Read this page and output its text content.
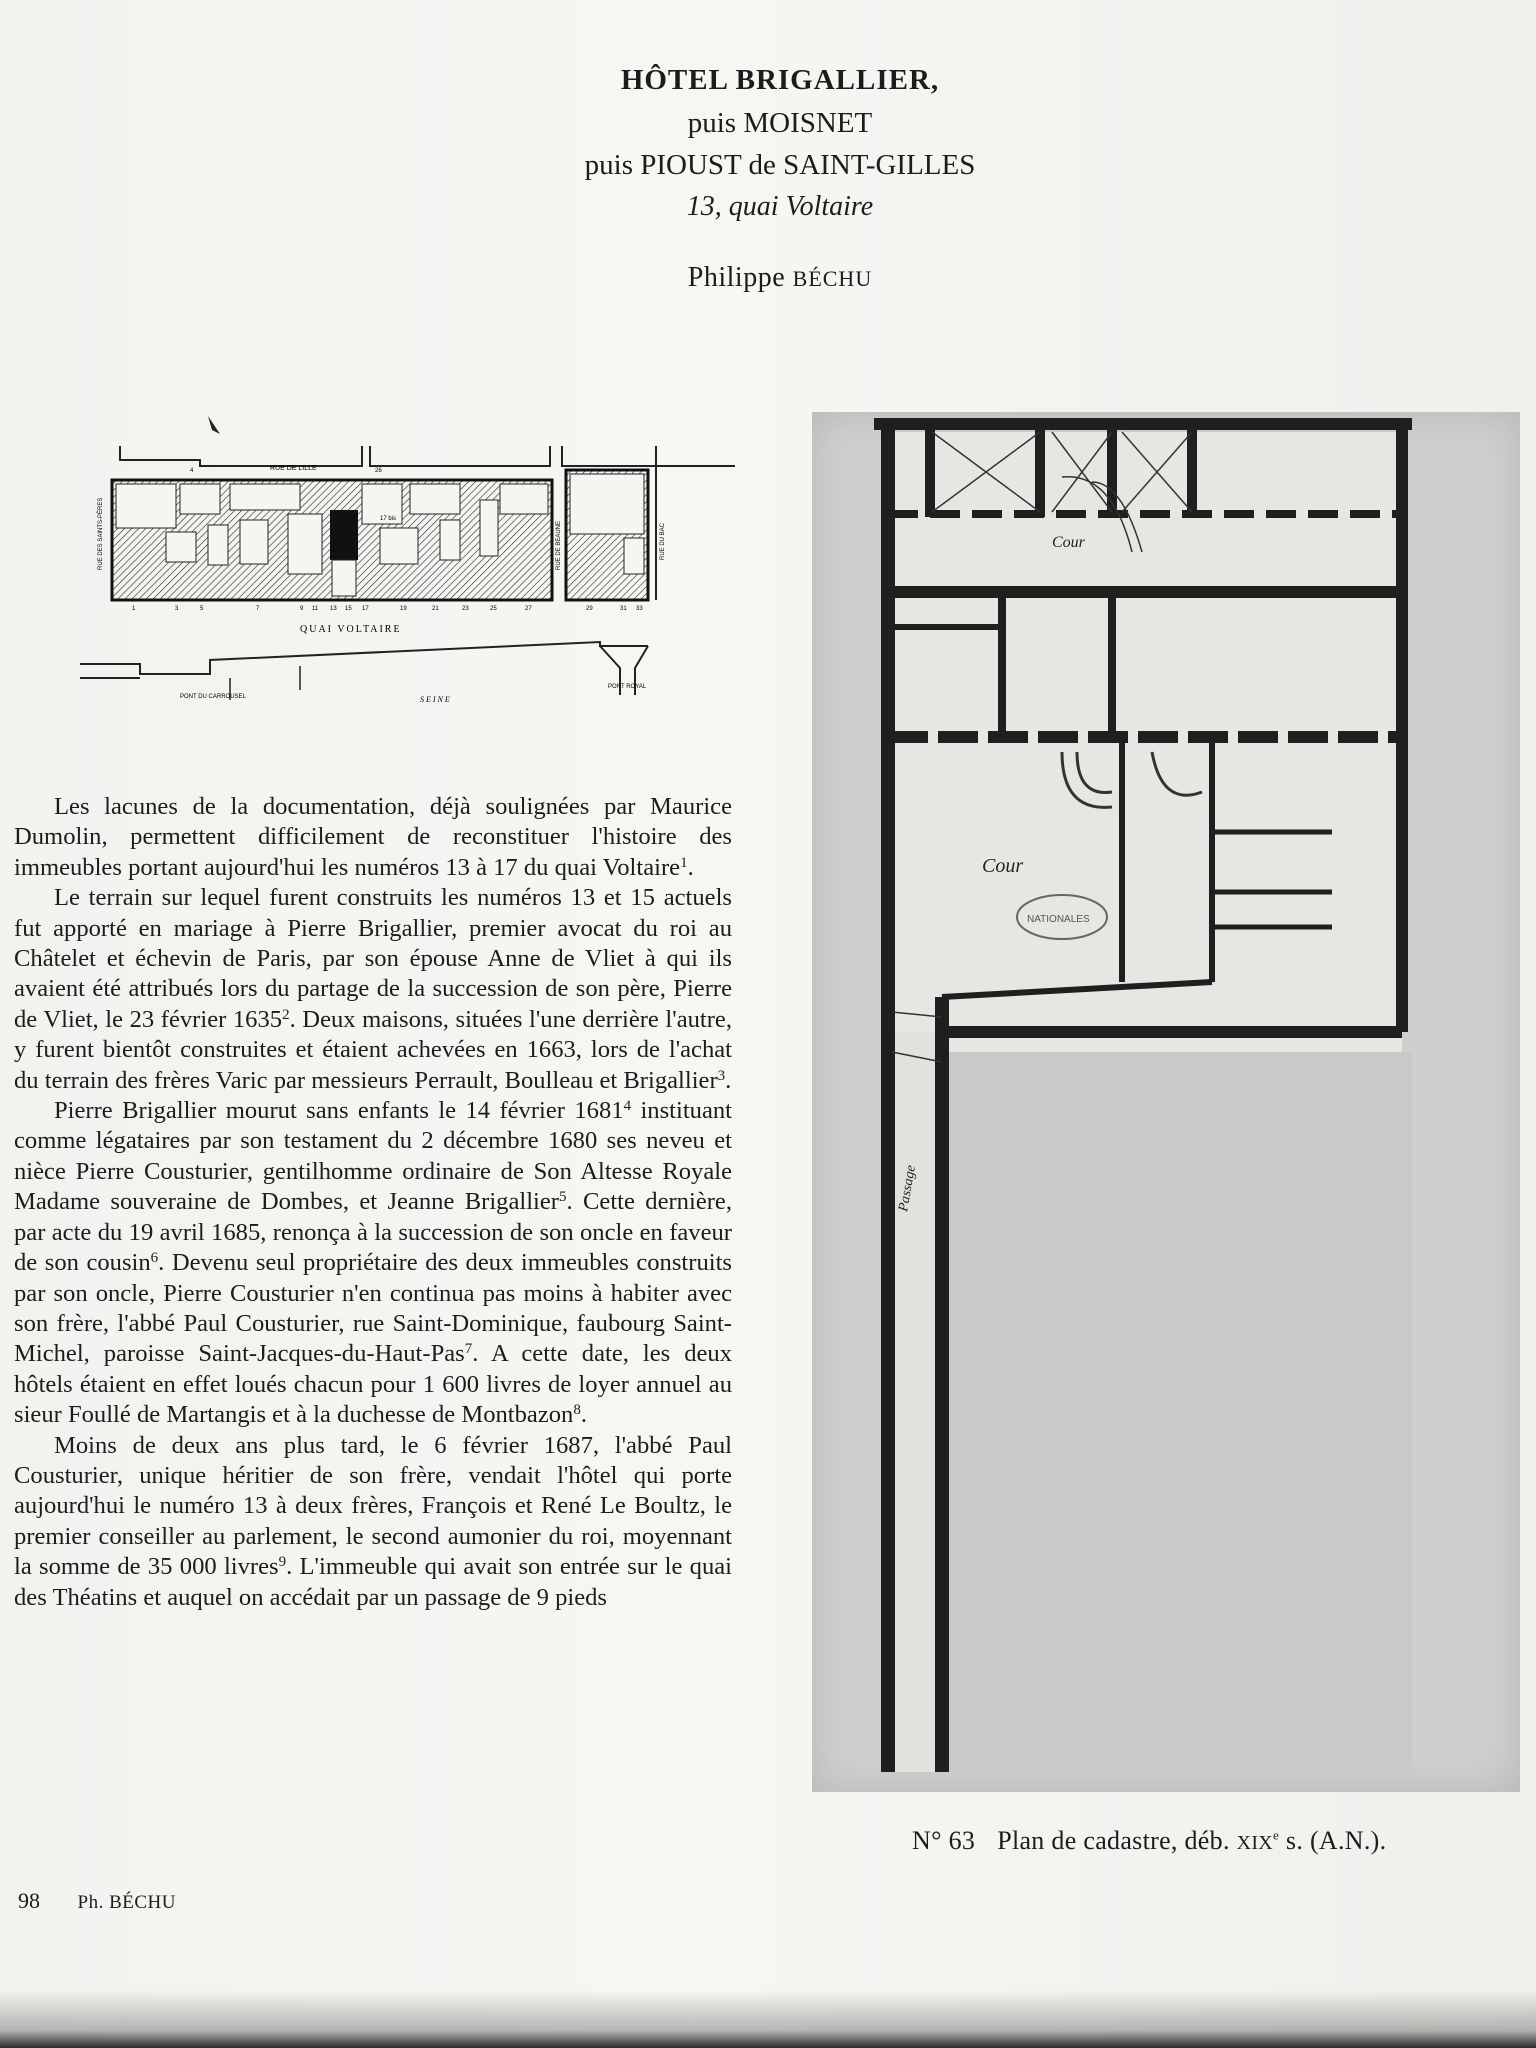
HÔTEL BRIGALLIER,
puis MOISNET
puis PIOUST de SAINT-GILLES
13, quai Voltaire
Philippe BÉCHU
RUE DE LILLE
4	26
17 bis
RUE DES SAINTS-PÈRES	RUE DE BEAUNE	RUE DU BAC
1	3	5	7	9 11 13 15 17	19	21	23	25	27	29	31 33
QUAI VOLTAIRE
PONT DU CARROUSEL	SEINE
PONT ROYAL
Cour
Cour
Passage
NATIONALES
N° 63 Plan de cadastre, déb. XIXe s. (A.N.).

Les lacunes de la documentation, déjà soulignées par Maurice Dumolin, permettent difficilement de reconstituer l'histoire des immeubles portant aujourd'hui les numéros 13 à 17 du quai Voltaire$^1$.

Le terrain sur lequel furent construits les numéros 13 et 15 actuels fut apporté en mariage à Pierre Brigallier, premier avocat du roi au Châtelet et échevin de Paris, par son épouse Anne de Vliet à qui ils avaient été attribués lors du partage de la succession de son père, Pierre de Vliet, le 23 février 1635$^2$. Deux maisons, situées l'une derrière l'autre, y furent bientôt construites et étaient achevées en 1663, lors de l'achat du terrain des frères Varic par messieurs Perrault, Boulleau et Brigallier$^3$.

Pierre Brigallier mourut sans enfants le 14 février 1681$^4$ instituant comme légataires par son testament du 2 décembre 1680 ses neveu et nièce Pierre Cousturier, gentilhomme ordinaire de Son Altesse Royale Madame souveraine de Dombes, et Jeanne Brigallier$^5$. Cette dernière, par acte du 19 avril 1685, renonça à la succession de son oncle en faveur de son cousin$^6$. Devenu seul propriétaire des deux immeubles construits par son oncle, Pierre Cousturier n'en continua pas moins à habiter avec son frère, l'abbé Paul Cousturier, rue Saint-Dominique, faubourg Saint-Michel, paroisse Saint-Jacques-du-Haut-Pas$^7$. A cette date, les deux hôtels étaient en effet loués chacun pour 1 600 livres de loyer annuel au sieur Foullé de Martangis et à la duchesse de Montbazon$^8$.

Moins de deux ans plus tard, le 6 février 1687, l'abbé Paul Cousturier, unique héritier de son frère, vendait l'hôtel qui porte aujourd'hui le numéro 13 à deux frères, François et René Le Boultz, le premier conseiller au parlement, le second aumonier du roi, moyennant la somme de 35 000 livres$^9$. L'immeuble qui avait son entrée sur le quai des Théatins et auquel on accédait par un passage de 9 pieds

98 Ph. BÉCHU
